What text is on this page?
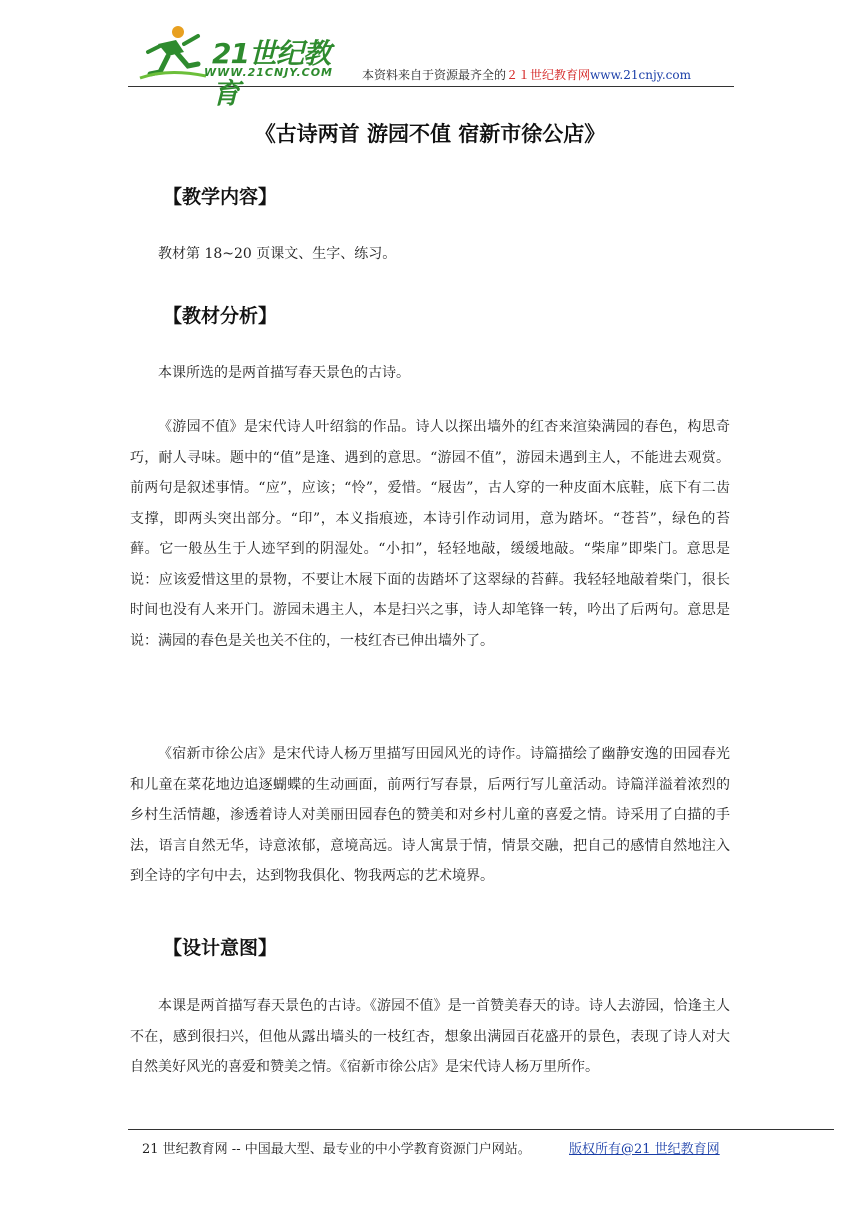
21世纪教育
WWW.21CNJY.COM 本资料来自于资源最齐全的２１世纪教育网www.21cnjy.com
《古诗两首 游园不值 宿新市徐公店》
【教学内容】
教材第 18~20 页课文、生字、练习。
【教材分析】
本课所选的是两首描写春天景色的古诗。
《游园不值》是宋代诗人叶绍翁的作品。诗人以探出墙外的红杏来渲染满园的春色，构思奇巧，耐人寻味。题中的“值”是逢、遇到的意思。“游园不值”，游园未遇到主人，不能进去观赏。前两句是叙述事情。“应”，应该；“怜”，爱惜。“屐齿”，古人穿的一种皮面木底鞋，底下有二齿支撑，即两头突出部分。“印”，本义指痕迹，本诗引作动词用，意为踏坏。“苍苔”，绿色的苔藓。它一般丛生于人迹罕到的阴湿处。“小扣”，轻轻地敲，缓缓地敲。“柴扉”即柴门。意思是说：应该爱惜这里的景物，不要让木屐下面的齿踏坏了这翠绿的苔藓。我轻轻地敲着柴门，很长时间也没有人来开门。游园未遇主人，本是扫兴之事，诗人却笔锋一转，吟出了后两句。意思是说：满园的春色是关也关不住的，一枝红杏已伸出墙外了。
《宿新市徐公店》是宋代诗人杨万里描写田园风光的诗作。诗篇描绘了幽静安逸的田园春光和儿童在菜花地边追逐蝴蝶的生动画面，前两行写春景，后两行写儿童活动。诗篇洋溢着浓烈的乡村生活情趣，渗透着诗人对美丽田园春色的赞美和对乡村儿童的喜爱之情。诗采用了白描的手法，语言自然无华，诗意浓郁，意境高远。诗人寓景于情，情景交融，把自己的感情自然地注入到全诗的字句中去，达到物我俱化、物我两忘的艺术境界。
【设计意图】
本课是两首描写春天景色的古诗。《游园不值》是一首赞美春天的诗。诗人去游园，恰逢主人不在，感到很扫兴，但他从露出墙头的一枝红杏，想象出满园百花盛开的景色，表现了诗人对大自然美好风光的喜爱和赞美之情。《宿新市徐公店》是宋代诗人杨万里所作。
21 世纪教育网 -- 中国最大型、最专业的中小学教育资源门户网站。	版权所有@21 世纪教育网
